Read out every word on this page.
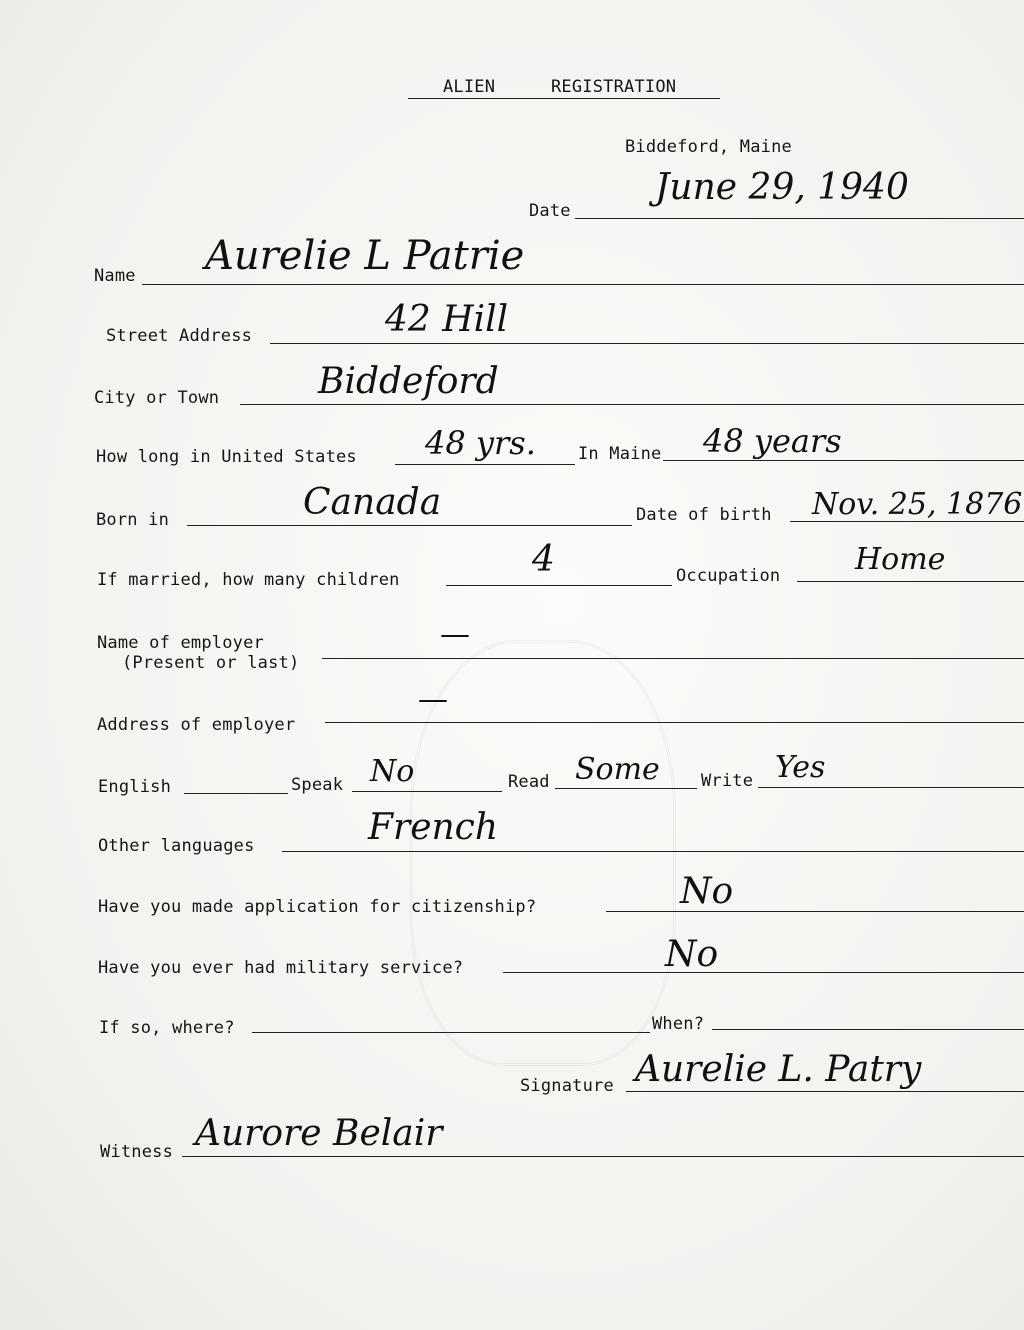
ALIEN	REGISTRATION
Biddeford, Maine
Date
June 29, 1940
Name Aurelie L Patrie
Street Address	42 Hill
City or Town	Biddeford
How long in United States 48 yrs. In Maine 48 years
Born in	Canada	Date of birth Nov. 25, 1876
If married, how many children	4	Occupation Home
Name of employer
(Present or last)
—
Address of employer
—
English	Speak No	Read Some Write Yes
Other languages	French
Have you made application for citizenship?	No
Have you ever had military service?	No
If so, where?	When?
Signature Aurelie L. Patry
Witness Aurore Belair
